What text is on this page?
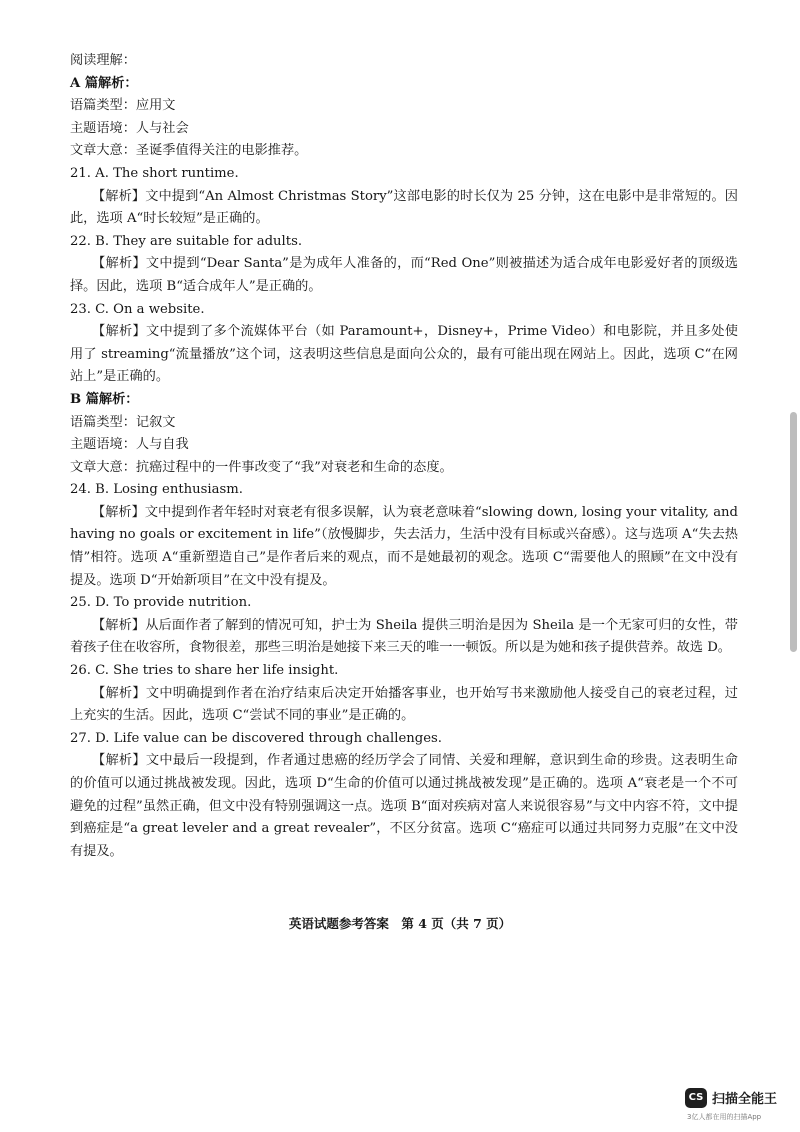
阅读理解：
A 篇解析：
语篇类型：应用文
主题语境：人与社会
文章大意：圣诞季值得关注的电影推荐。
21. A. The short runtime.

【解析】文中提到“An Almost Christmas Story”这部电影的时长仅为 25 分钟，这在电影中是非常短的。因此，选项 A“时长较短”是正确的。

22. B. They are suitable for adults.

【解析】文中提到“Dear Santa”是为成年人准备的，而“Red One”则被描述为适合成年电影爱好者的顶级选择。因此，选项 B“适合成年人”是正确的。

23. C. On a website.

【解析】文中提到了多个流媒体平台（如 Paramount+，Disney+，Prime Video）和电影院，并且多处使用了 streaming“流量播放”这个词，这表明这些信息是面向公众的，最有可能出现在网站上。因此，选项 C“在网站上”是正确的。

B 篇解析：
语篇类型：记叙文
主题语境：人与自我
文章大意：抗癌过程中的一件事改变了“我”对衰老和生命的态度。
24. B. Losing enthusiasm.

【解析】文中提到作者年轻时对衰老有很多误解，认为衰老意味着“slowing down, losing your vitality, and having no goals or excitement in life”（放慢脚步，失去活力，生活中没有目标或兴奋感）。这与选项 A“失去热情”相符。选项 A“重新塑造自己”是作者后来的观点，而不是她最初的观念。选项 C“需要他人的照顾”在文中没有提及。选项 D“开始新项目”在文中没有提及。

25. D. To provide nutrition.

【解析】从后面作者了解到的情况可知，护士为 Sheila 提供三明治是因为 Sheila 是一个无家可归的女性，带着孩子住在收容所，食物很差，那些三明治是她接下来三天的唯一一顿饭。所以是为她和孩子提供营养。故选 D。

26. C. She tries to share her life insight.

【解析】文中明确提到作者在治疗结束后决定开始播客事业，也开始写书来激励他人接受自己的衰老过程，过上充实的生活。因此，选项 C“尝试不同的事业”是正确的。

27. D. Life value can be discovered through challenges.

【解析】文中最后一段提到，作者通过患癌的经历学会了同情、关爱和理解，意识到生命的珍贵。这表明生命的价值可以通过挑战被发现。因此，选项 D“生命的价值可以通过挑战被发现”是正确的。选项 A“衰老是一个不可避免的过程”虽然正确，但文中没有特别强调这一点。选项 B“面对疾病对富人来说很容易”与文中内容不符，文中提到癌症是“a great leveler and a great revealer”，不区分贫富。选项 C“癌症可以通过共同努力克服”在文中没有提及。

英语试题参考答案　第 4 页（共 7 页）
CS 扫描全能王
3亿人都在用的扫描App
